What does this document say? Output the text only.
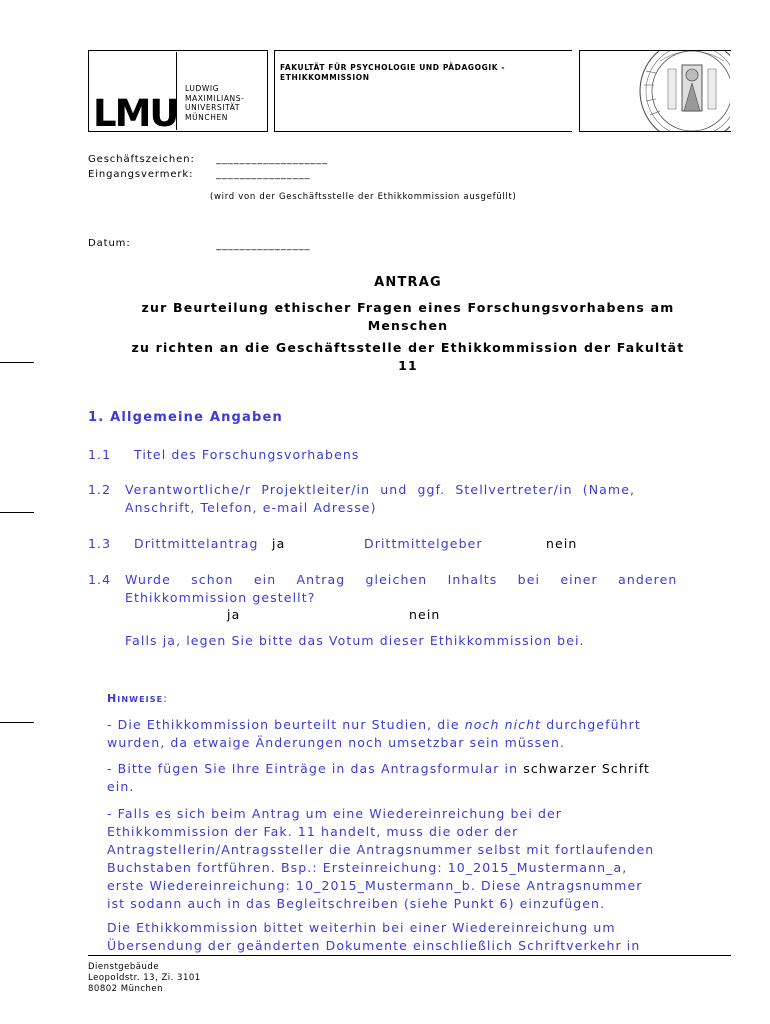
LMU
LUDWIG
MAXIMILIANS-
UNIVERSITÄT
MÜNCHEN
FAKULTÄT FÜR PSYCHOLOGIE UND PÄDAGOGIK -
ETHIKKOMMISSION
Geschäftszeichen: ___________________
Eingangsvermerk: ________________
(wird von der Geschäftsstelle der Ethikkommission ausgefüllt)
Datum:	________________
ANTRAG
zur Beurteilung ethischer Fragen eines Forschungsvorhabens am
Menschen
zu richten an die Geschäftsstelle der Ethikkommission der Fakultät
11
1. Allgemeine Angaben
1.1 Titel des Forschungsvorhabens
1.2 Verantwortliche/r  Projektleiter/in  und  ggf.  Stellvertreter/in  (Name,
Anschrift, Telefon, e-mail Adresse)
1.3 Drittmittelantrag ja	Drittmittelgeber	nein
1.4 Wurde    schon    ein    Antrag    gleichen    Inhalts    bei    einer    anderen
Ethikkommission gestellt?
ja	nein
Falls ja, legen Sie bitte das Votum dieser Ethikkommission bei.
Hinweise:
- Die Ethikkommission beurteilt nur Studien, die noch nicht durchgeführt
wurden, da etwaige Änderungen noch umsetzbar sein müssen.
- Bitte fügen Sie Ihre Einträge in das Antragsformular in schwarzer Schrift
ein.
- Falls es sich beim Antrag um eine Wiedereinreichung bei der
Ethikkommission der Fak. 11 handelt, muss die oder der
Antragstellerin/Antragssteller die Antragsnummer selbst mit fortlaufenden
Buchstaben fortführen. Bsp.: Ersteinreichung: 10_2015_Mustermann_a,
erste Wiedereinreichung: 10_2015_Mustermann_b. Diese Antragsnummer
ist sodann auch in das Begleitschreiben (siehe Punkt 6) einzufügen.
Die Ethikkommission bittet weiterhin bei einer Wiedereinreichung um
Übersendung der geänderten Dokumente einschließlich Schriftverkehr in
Dienstgebäude
Leopoldstr. 13, Zi. 3101
80802 München
